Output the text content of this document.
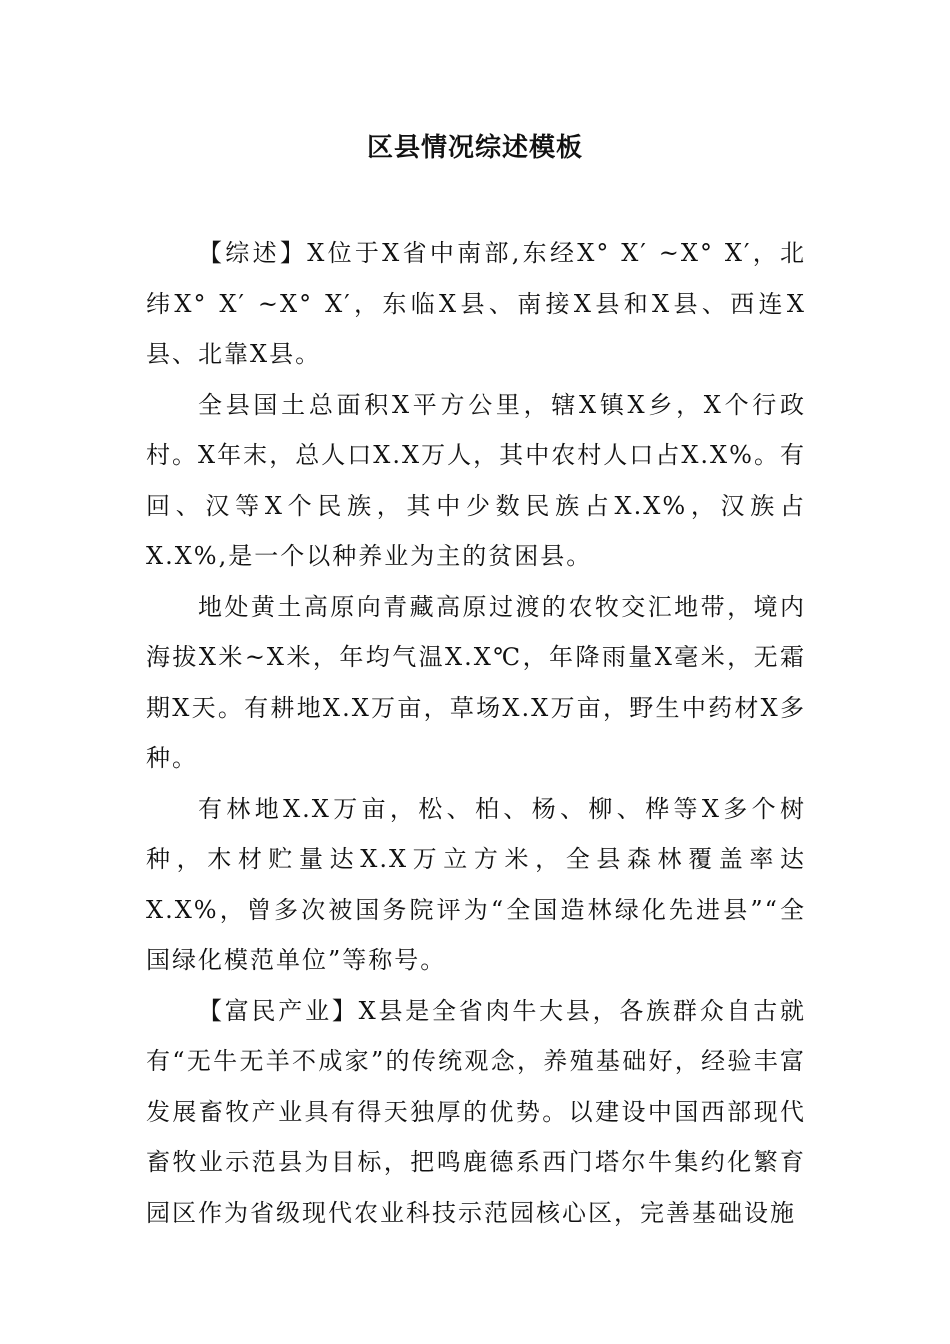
区县情况综述模板

【综述】X位于X省中南部,东经X° X′ ~X° X′，北纬X° X′ ~X° X′，东临X县、南接X县和X县、西连X县、北靠X县。

全县国土总面积X平方公里，辖X镇X乡，X个行政村。X年末，总人口X.X万人，其中农村人口占X.X%。有回、汉等X个民族，其中少数民族占X.X%，汉族占X.X%,是一个以种养业为主的贫困县。

地处黄土高原向青藏高原过渡的农牧交汇地带，境内海拔X米~X米，年均气温X.X℃，年降雨量X毫米，无霜期X天。有耕地X.X万亩，草场X.X万亩，野生中药材X多种。

有林地X.X万亩，松、柏、杨、柳、桦等X多个树种，木材贮量达X.X万立方米，全县森林覆盖率达X.X%，曾多次被国务院评为“全国造林绿化先进县”“全国绿化模范单位”等称号。

【富民产业】X县是全省肉牛大县，各族群众自古就有“无牛无羊不成家”的传统观念，养殖基础好，经验丰富发展畜牧产业具有得天独厚的优势。以建设中国西部现代畜牧业示范县为目标，把鸣鹿德系西门塔尔牛集约化繁育园区作为省级现代农业科技示范园核心区，完善基础设施
